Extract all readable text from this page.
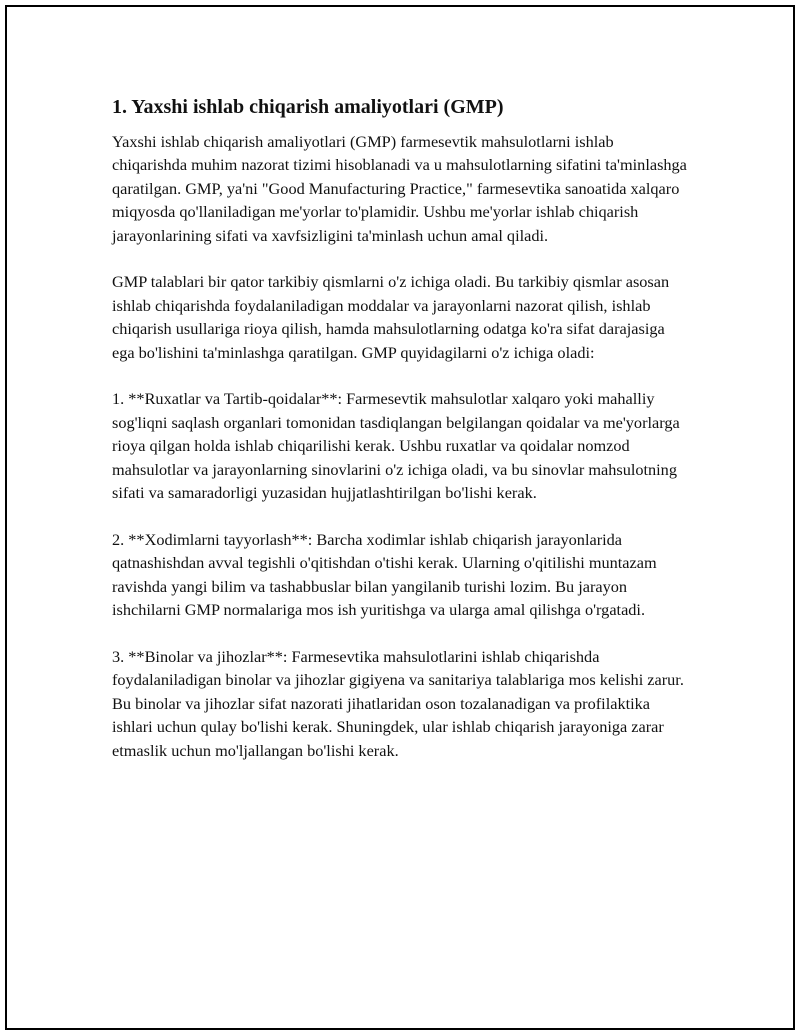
1. Yaxshi ishlab chiqarish amaliyotlari (GMP)

Yaxshi ishlab chiqarish amaliyotlari (GMP) farmesevtik mahsulotlarni ishlab chiqarishda muhim nazorat tizimi hisoblanadi va u mahsulotlarning sifatini ta'minlashga qaratilgan. GMP, ya'ni "Good Manufacturing Practice," farmesevtika sanoatida xalqaro miqyosda qo'llaniladigan me'yorlar to'plamidir. Ushbu me'yorlar ishlab chiqarish jarayonlarining sifati va xavfsizligini ta'minlash uchun amal qiladi.

GMP talablari bir qator tarkibiy qismlarni o'z ichiga oladi. Bu tarkibiy qismlar asosan ishlab chiqarishda foydalaniladigan moddalar va jarayonlarni nazorat qilish, ishlab chiqarish usullariga rioya qilish, hamda mahsulotlarning odatga ko'ra sifat darajasiga ega bo'lishini ta'minlashga qaratilgan. GMP quyidagilarni o'z ichiga oladi:

1. **Ruxatlar va Tartib-qoidalar**: Farmesevtik mahsulotlar xalqaro yoki mahalliy sog'liqni saqlash organlari tomonidan tasdiqlangan belgilangan qoidalar va me'yorlarga rioya qilgan holda ishlab chiqarilishi kerak. Ushbu ruxatlar va qoidalar nomzod mahsulotlar va jarayonlarning sinovlarini o'z ichiga oladi, va bu sinovlar mahsulotning sifati va samaradorligi yuzasidan hujjatlashtirilgan bo'lishi kerak.

2. **Xodimlarni tayyorlash**: Barcha xodimlar ishlab chiqarish jarayonlarida qatnashishdan avval tegishli o'qitishdan o'tishi kerak. Ularning o'qitilishi muntazam ravishda yangi bilim va tashabbuslar bilan yangilanib turishi lozim. Bu jarayon ishchilarni GMP normalariga mos ish yuritishga va ularga amal qilishga o'rgatadi.

3. **Binolar va jihozlar**: Farmesevtika mahsulotlarini ishlab chiqarishda foydalaniladigan binolar va jihozlar gigiyena va sanitariya talablariga mos kelishi zarur. Bu binolar va jihozlar sifat nazorati jihatlaridan oson tozalanadigan va profilaktika ishlari uchun qulay bo'lishi kerak. Shuningdek, ular ishlab chiqarish jarayoniga zarar etmaslik uchun mo'ljallangan bo'lishi kerak.
